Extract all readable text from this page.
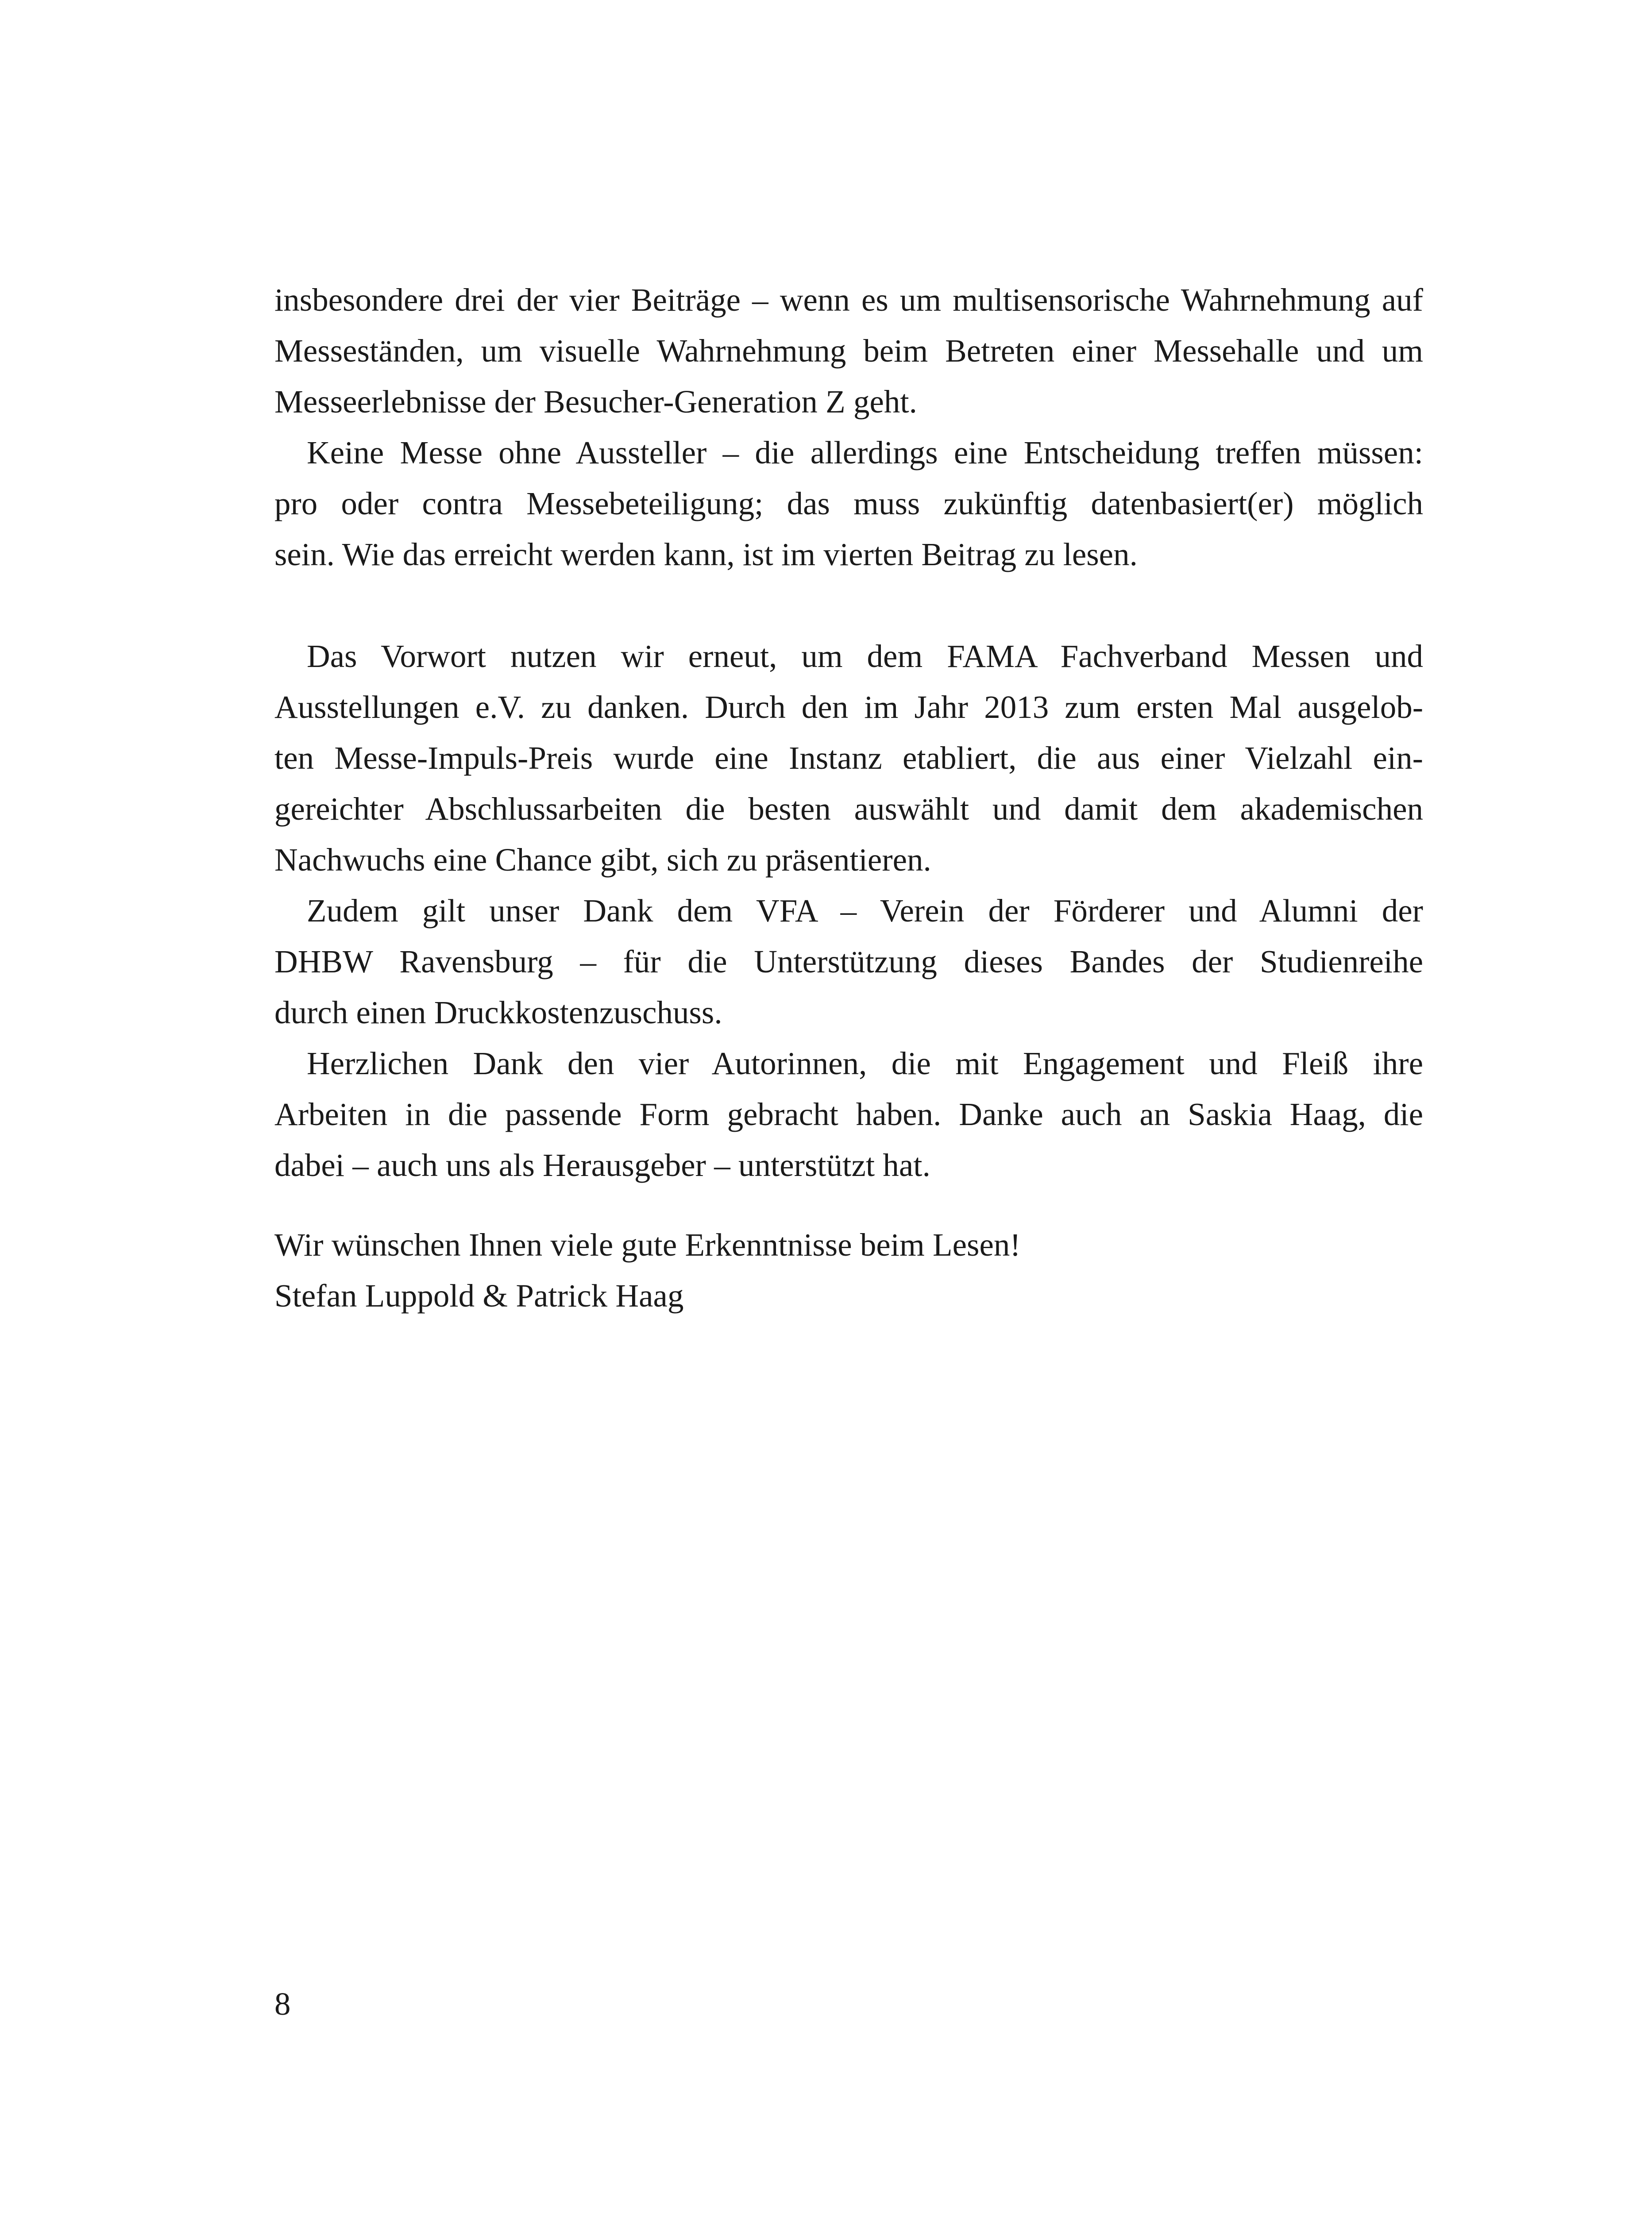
insbesondere drei der vier Beiträge – wenn es um multisensorische Wahrnehmung auf
Messeständen, um visuelle Wahrnehmung beim Betreten einer Messehalle und um
Messeerlebnisse der Besucher-Generation Z geht.

Keine Messe ohne Aussteller – die allerdings eine Entscheidung treffen müssen:
pro oder contra Messebeteiligung; das muss zukünftig datenbasiert(er) möglich
sein. Wie das erreicht werden kann, ist im vierten Beitrag zu lesen.

Das Vorwort nutzen wir erneut, um dem FAMA Fachverband Messen und
Ausstellungen e.V. zu danken. Durch den im Jahr 2013 zum ersten Mal ausgelob-
ten Messe-Impuls-Preis wurde eine Instanz etabliert, die aus einer Vielzahl ein-
gereichter Abschlussarbeiten die besten auswählt und damit dem akademischen
Nachwuchs eine Chance gibt, sich zu präsentieren.

Zudem gilt unser Dank dem VFA – Verein der Förderer und Alumni der
DHBW Ravensburg – für die Unterstützung dieses Bandes der Studienreihe
durch einen Druckkostenzuschuss.

Herzlichen Dank den vier Autorinnen, die mit Engagement und Fleiß ihre
Arbeiten in die passende Form gebracht haben. Danke auch an Saskia Haag, die
dabei – auch uns als Herausgeber – unterstützt hat.

Wir wünschen Ihnen viele gute Erkenntnisse beim Lesen!

Stefan Luppold & Patrick Haag

8
